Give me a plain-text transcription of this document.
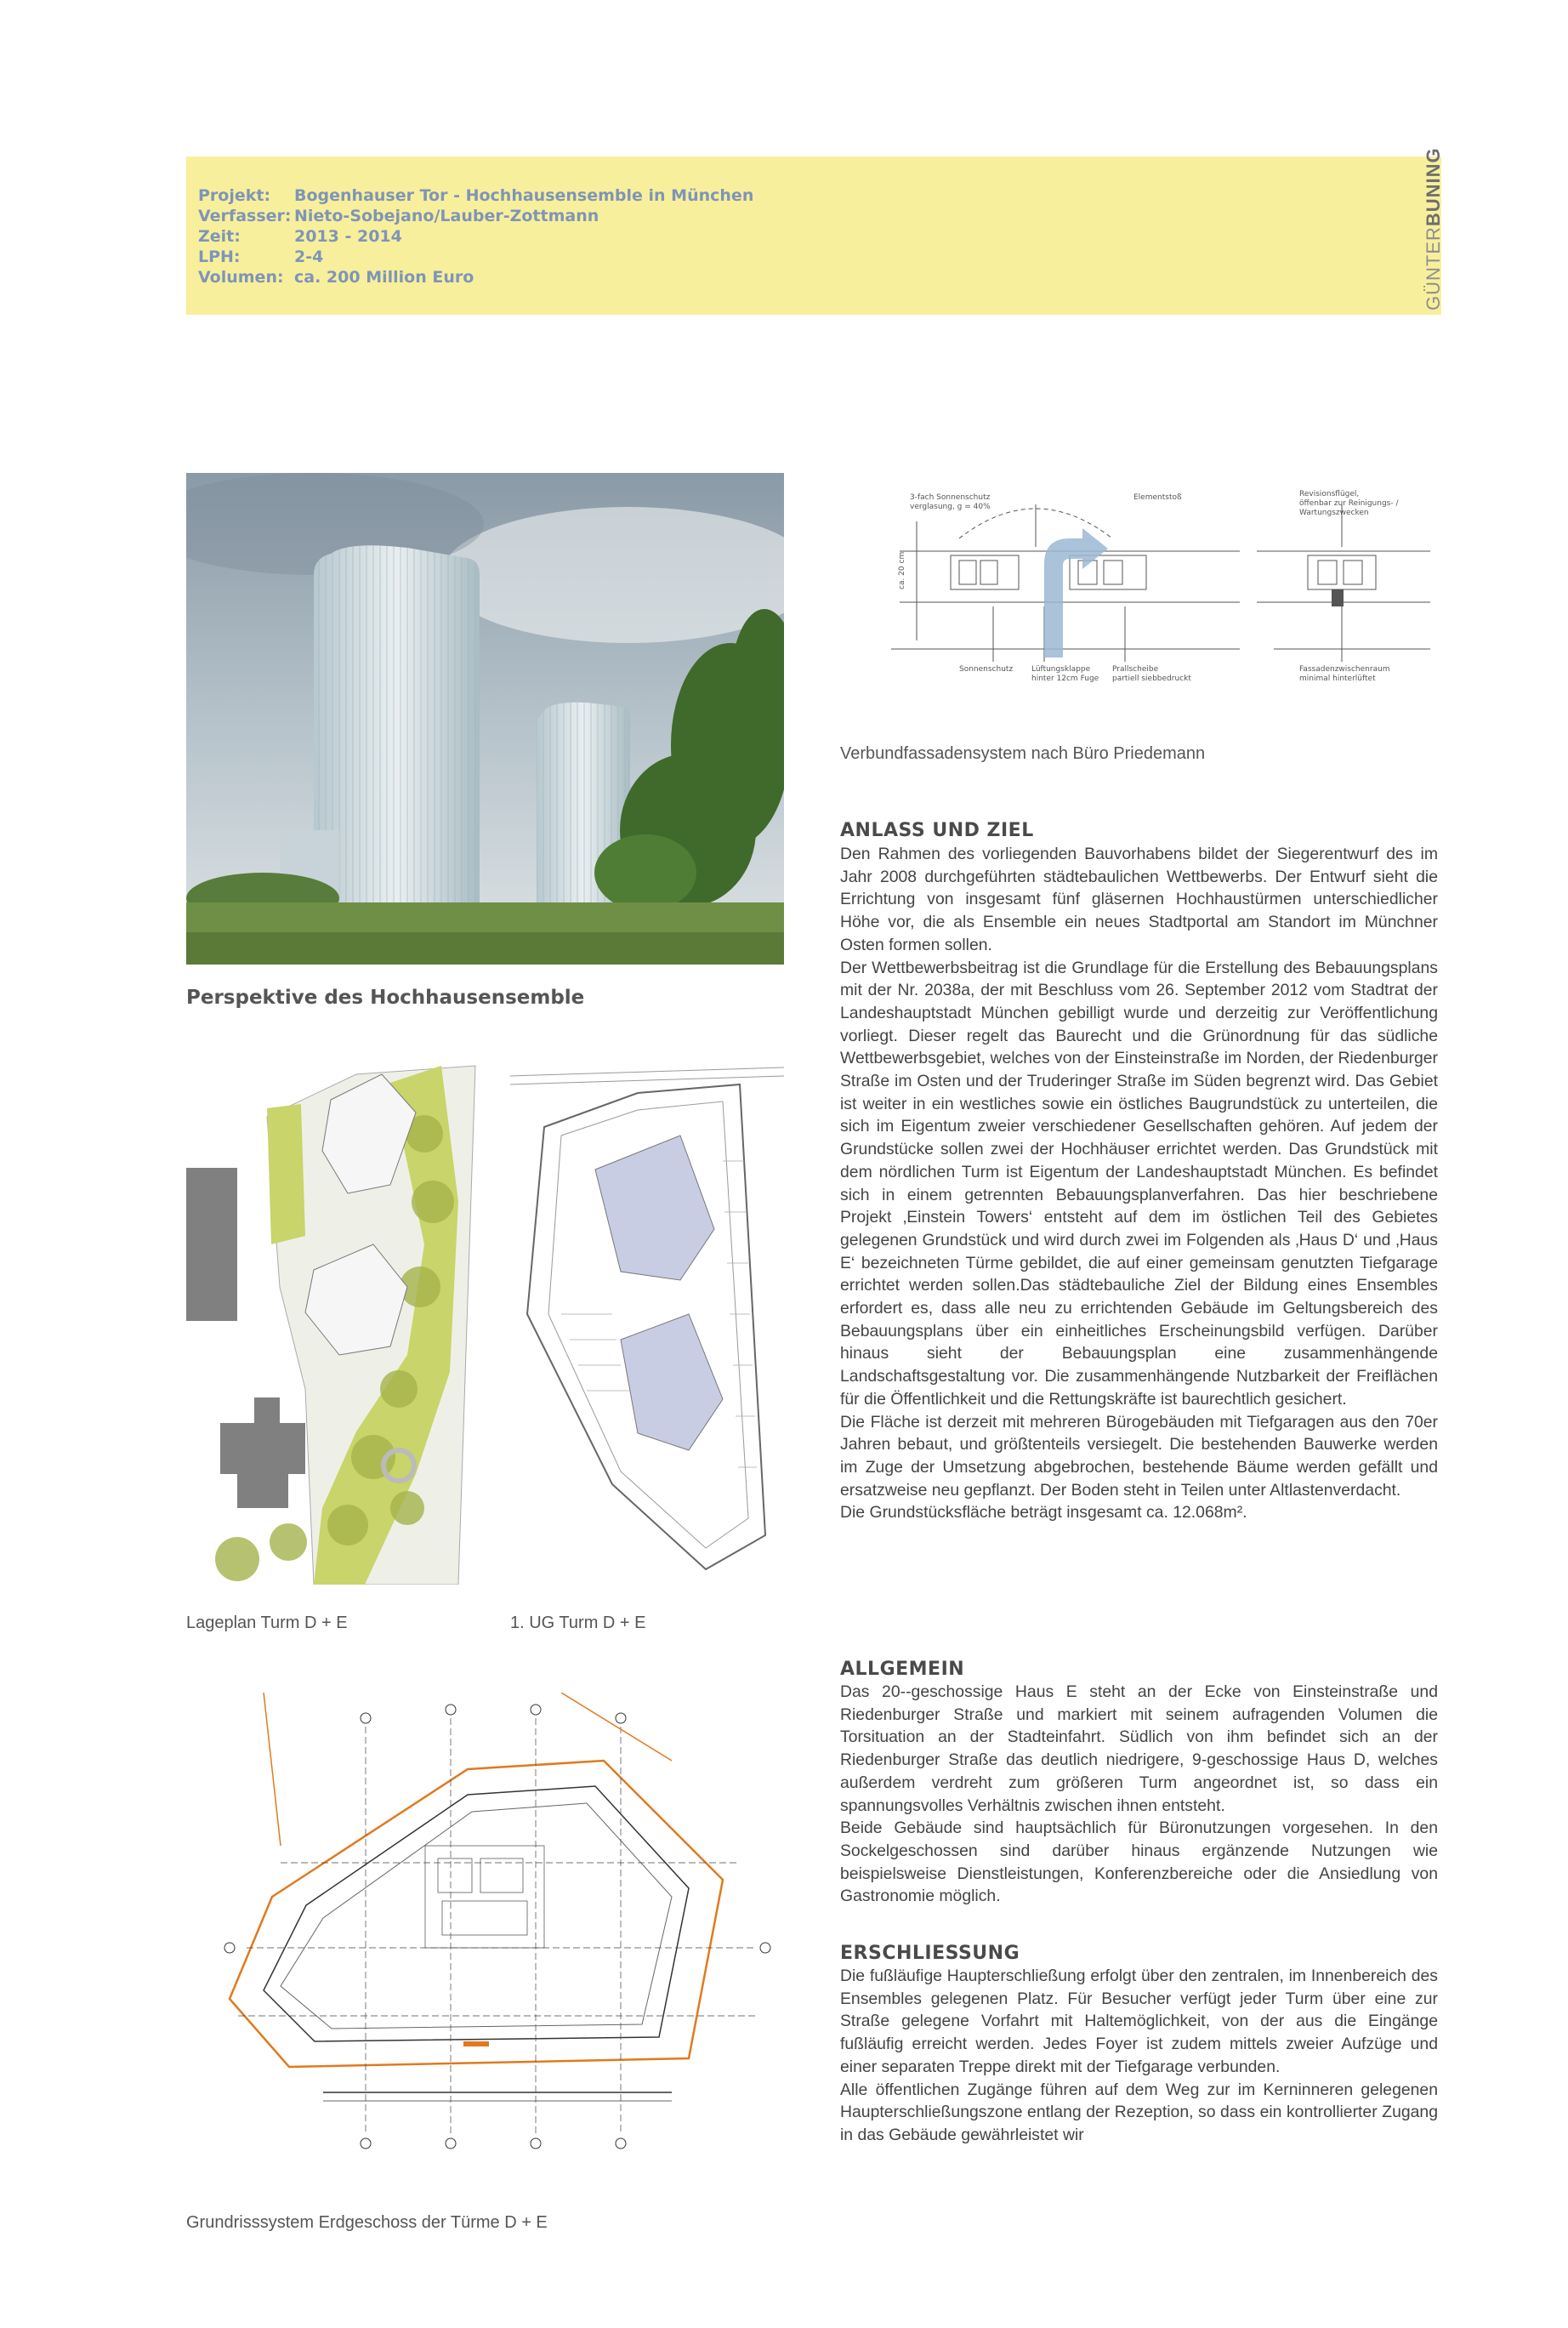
Projekt:	Bogenhauser Tor - Hochhausensemble in München
Verfasser: Nieto-Sobejano/Lauber-Zottmann
Zeit:	2013 - 2014
LPH:	2-4
Volumen: ca. 200 Million Euro	GÜNTERBUNING
Perspektive des Hochhausensemble
3-fach Sonnenschutz
verglasung, g = 40%
Elementstoß	Revisionsflügel,
öffenbar zur Reinigungs- /
Wartungszwecken
Sonnenschutz Lüftungsklappe
hinter 12cm Fuge
Prallscheibe
partiell siebbedruckt
Fassadenzwischenraum
minimal hinterlüftet
ca. 20 cm
Verbundfassadensystem nach Büro Priedemann
Lageplan Turm D + E	1. UG Turm D + E
Grundrisssystem Erdgeschoss der Türme D + E
ANLASS UND ZIEL

Den Rahmen des vorliegenden Bauvorhabens bildet der Siegerentwurf des im Jahr 2008 durchgeführten städtebaulichen Wettbewerbs. Der Entwurf sieht die Errichtung von insgesamt fünf gläsernen Hochhaustürmen unterschiedlicher Höhe vor, die als Ensemble ein neues Stadtportal am Standort im Münchner Osten formen sollen.

Der Wettbewerbsbeitrag ist die Grundlage für die Erstellung des Bebauungsplans mit der Nr. 2038a, der mit Beschluss vom 26. September 2012 vom Stadtrat der Landeshauptstadt München gebilligt wurde und derzeitig zur Veröffentlichung vorliegt. Dieser regelt das Baurecht und die Grünordnung für das südliche Wettbewerbsgebiet, welches von der Einsteinstraße im Norden, der Riedenburger Straße im Osten und der Truderinger Straße im Süden begrenzt wird. Das Gebiet ist weiter in ein westliches sowie ein östliches Baugrundstück zu unterteilen, die sich im Eigentum zweier verschiedener Gesellschaften gehören. Auf jedem der Grundstücke sollen zwei der Hochhäuser errichtet werden. Das Grundstück mit dem nördlichen Turm ist Eigentum der Landeshauptstadt München. Es befindet sich in einem getrennten Bebauungsplanverfahren. Das hier beschriebene Projekt ‚Einstein Towers‘ entsteht auf dem im östlichen Teil des Gebietes gelegenen Grundstück und wird durch zwei im Folgenden als ‚Haus D‘ und ‚Haus E‘ bezeichneten Türme gebildet, die auf einer gemeinsam genutzten Tiefgarage errichtet werden sollen.Das städtebauliche Ziel der Bildung eines Ensembles erfordert es, dass alle neu zu errichtenden Gebäude im Geltungsbereich des Bebauungsplans über ein einheitliches Erscheinungsbild verfügen. Darüber hinaus sieht der Bebauungsplan eine zusammenhängende Landschaftsgestaltung vor. Die zusammenhängende Nutzbarkeit der Freiflächen für die Öffentlichkeit und die Rettungskräfte ist baurechtlich gesichert.

Die Fläche ist derzeit mit mehreren Bürogebäuden mit Tiefgaragen aus den 70er Jahren bebaut, und größtenteils versiegelt. Die bestehenden Bauwerke werden im Zuge der Umsetzung abgebrochen, bestehende Bäume werden gefällt und ersatzweise neu gepflanzt. Der Boden steht in Teilen unter Altlastenverdacht.

Die Grundstücksfläche beträgt insgesamt ca. 12.068m².

ALLGEMEIN

Das 20--geschossige Haus E steht an der Ecke von Einsteinstraße und Riedenburger Straße und markiert mit seinem aufragenden Volumen die Torsituation an der Stadteinfahrt. Südlich von ihm befindet sich an der Riedenburger Straße das deutlich niedrigere, 9-geschossige Haus D, welches außerdem verdreht zum größeren Turm angeordnet ist, so dass ein spannungsvolles Verhältnis zwischen ihnen entsteht.

Beide Gebäude sind hauptsächlich für Büronutzungen vorgesehen. In den Sockelgeschossen sind darüber hinaus ergänzende Nutzungen wie beispielsweise Dienstleistungen, Konferenzbereiche oder die Ansiedlung von Gastronomie möglich.

ERSCHLIESSUNG

Die fußläufige Haupterschließung erfolgt über den zentralen, im Innenbereich des Ensembles gelegenen Platz. Für Besucher verfügt jeder Turm über eine zur Straße gelegene Vorfahrt mit Haltemöglichkeit, von der aus die Eingänge fußläufig erreicht werden. Jedes Foyer ist zudem mittels zweier Aufzüge und einer separaten Treppe direkt mit der Tiefgarage verbunden.

Alle öffentlichen Zugänge führen auf dem Weg zur im Kerninneren gelegenen Haupterschließungszone entlang der Rezeption, so dass ein kontrollierter Zugang in das Gebäude gewährleistet wir
